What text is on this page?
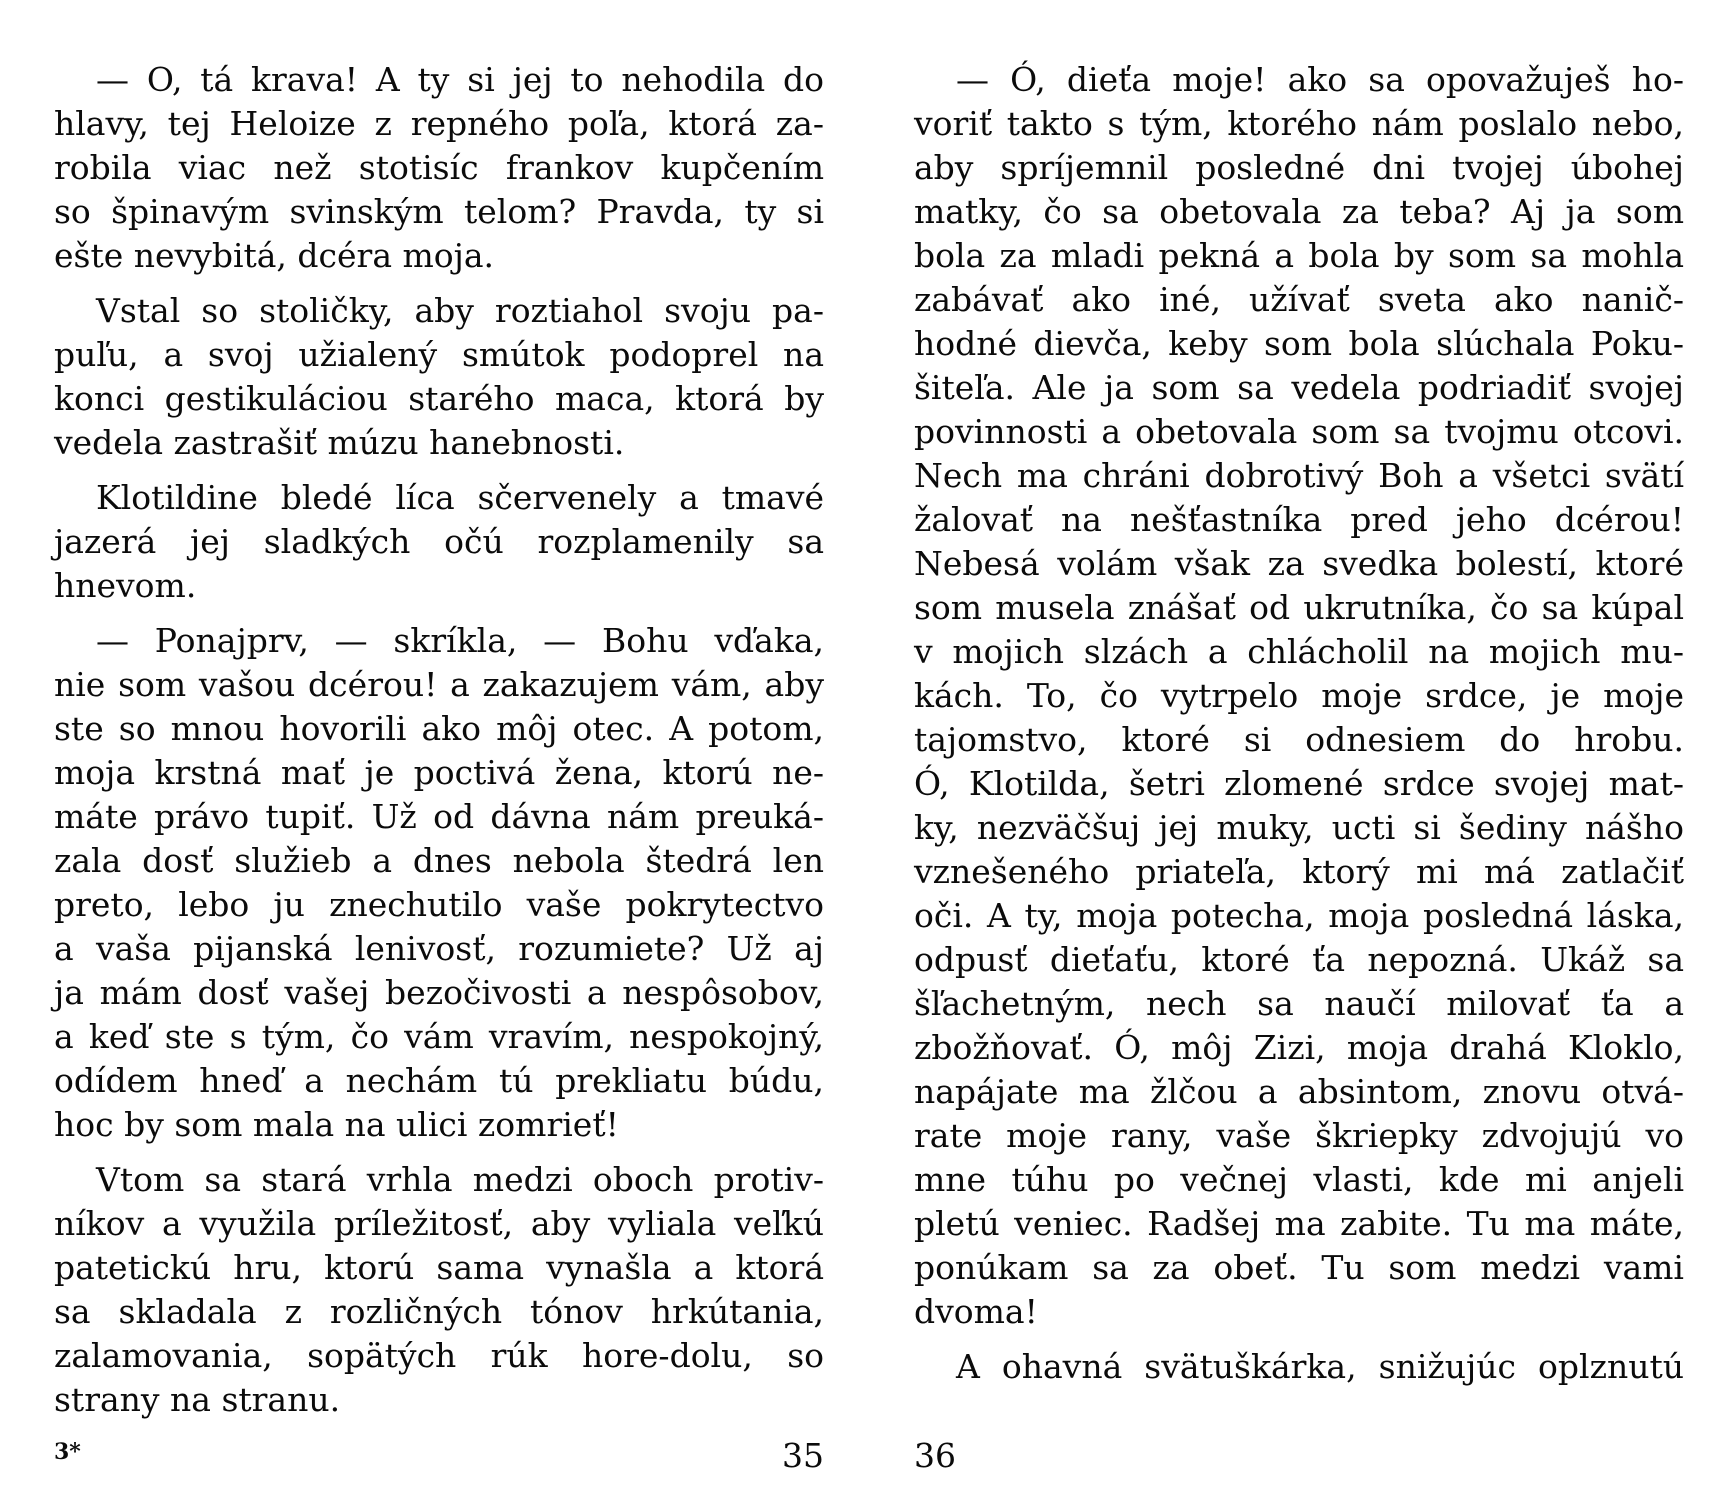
— O, tá krava! A ty si jej to nehodila do
hlavy, tej Heloize z repného poľa, ktorá za-
robila viac než stotisíc frankov kupčením
so špinavým svinským telom? Pravda, ty si
ešte nevybitá, dcéra moja.
Vstal so stoličky, aby roztiahol svoju pa-
puľu, a svoj užialený smútok podoprel na
konci gestikuláciou starého maca, ktorá by
vedela zastrašiť múzu hanebnosti.
Klotildine bledé líca sčervenely a tmavé
jazerá jej sladkých očú rozplamenily sa
hnevom.
— Ponajprv, — skríkla, — Bohu vďaka,
nie som vašou dcérou! a zakazujem vám, aby
ste so mnou hovorili ako môj otec. A potom,
moja krstná mať je poctivá žena, ktorú ne-
máte právo tupiť. Už od dávna nám preuká-
zala dosť služieb a dnes nebola štedrá len
preto, lebo ju znechutilo vaše pokrytectvo
a vaša pijanská lenivosť, rozumiete? Už aj
ja mám dosť vašej bezočivosti a nespôsobov,
a keď ste s tým, čo vám vravím, nespokojný,
odídem hneď a nechám tú prekliatu búdu,
hoc by som mala na ulici zomrieť!
Vtom sa stará vrhla medzi oboch protiv-
níkov a využila príležitosť, aby vyliala veľkú
patetickú hru, ktorú sama vynašla a ktorá
sa skladala z rozličných tónov hrkútania,
zalamovania, sopätých rúk hore-dolu, so
strany na stranu.
3*	35
— Ó, dieťa moje! ako sa opovažuješ ho-
voriť takto s tým, ktorého nám poslalo nebo,
aby spríjemnil posledné dni tvojej úbohej
matky, čo sa obetovala za teba? Aj ja som
bola za mladi pekná a bola by som sa mohla
zabávať ako iné, užívať sveta ako nanič-
hodné dievča, keby som bola slúchala Poku-
šiteľa. Ale ja som sa vedela podriadiť svojej
povinnosti a obetovala som sa tvojmu otcovi.
Nech ma chráni dobrotivý Boh a všetci svätí
žalovať na nešťastníka pred jeho dcérou!
Nebesá volám však za svedka bolestí, ktoré
som musela znášať od ukrutníka, čo sa kúpal
v mojich slzách a chlácholil na mojich mu-
kách. To, čo vytrpelo moje srdce, je moje
tajomstvo, ktoré si odnesiem do hrobu.
Ó, Klotilda, šetri zlomené srdce svojej mat-
ky, nezväčšuj jej muky, ucti si šediny nášho
vznešeného priateľa, ktorý mi má zatlačiť
oči. A ty, moja potecha, moja posledná láska,
odpusť dieťaťu, ktoré ťa nepozná. Ukáž sa
šľachetným, nech sa naučí milovať ťa a
zbožňovať. Ó, môj Zizi, moja drahá Kloklo,
napájate ma žlčou a absintom, znovu otvá-
rate moje rany, vaše škriepky zdvojujú vo
mne túhu po večnej vlasti, kde mi anjeli
pletú veniec. Radšej ma zabite. Tu ma máte,
ponúkam sa za obeť. Tu som medzi vami
dvoma!
A ohavná svätuškárka, snižujúc oplznutú
36
